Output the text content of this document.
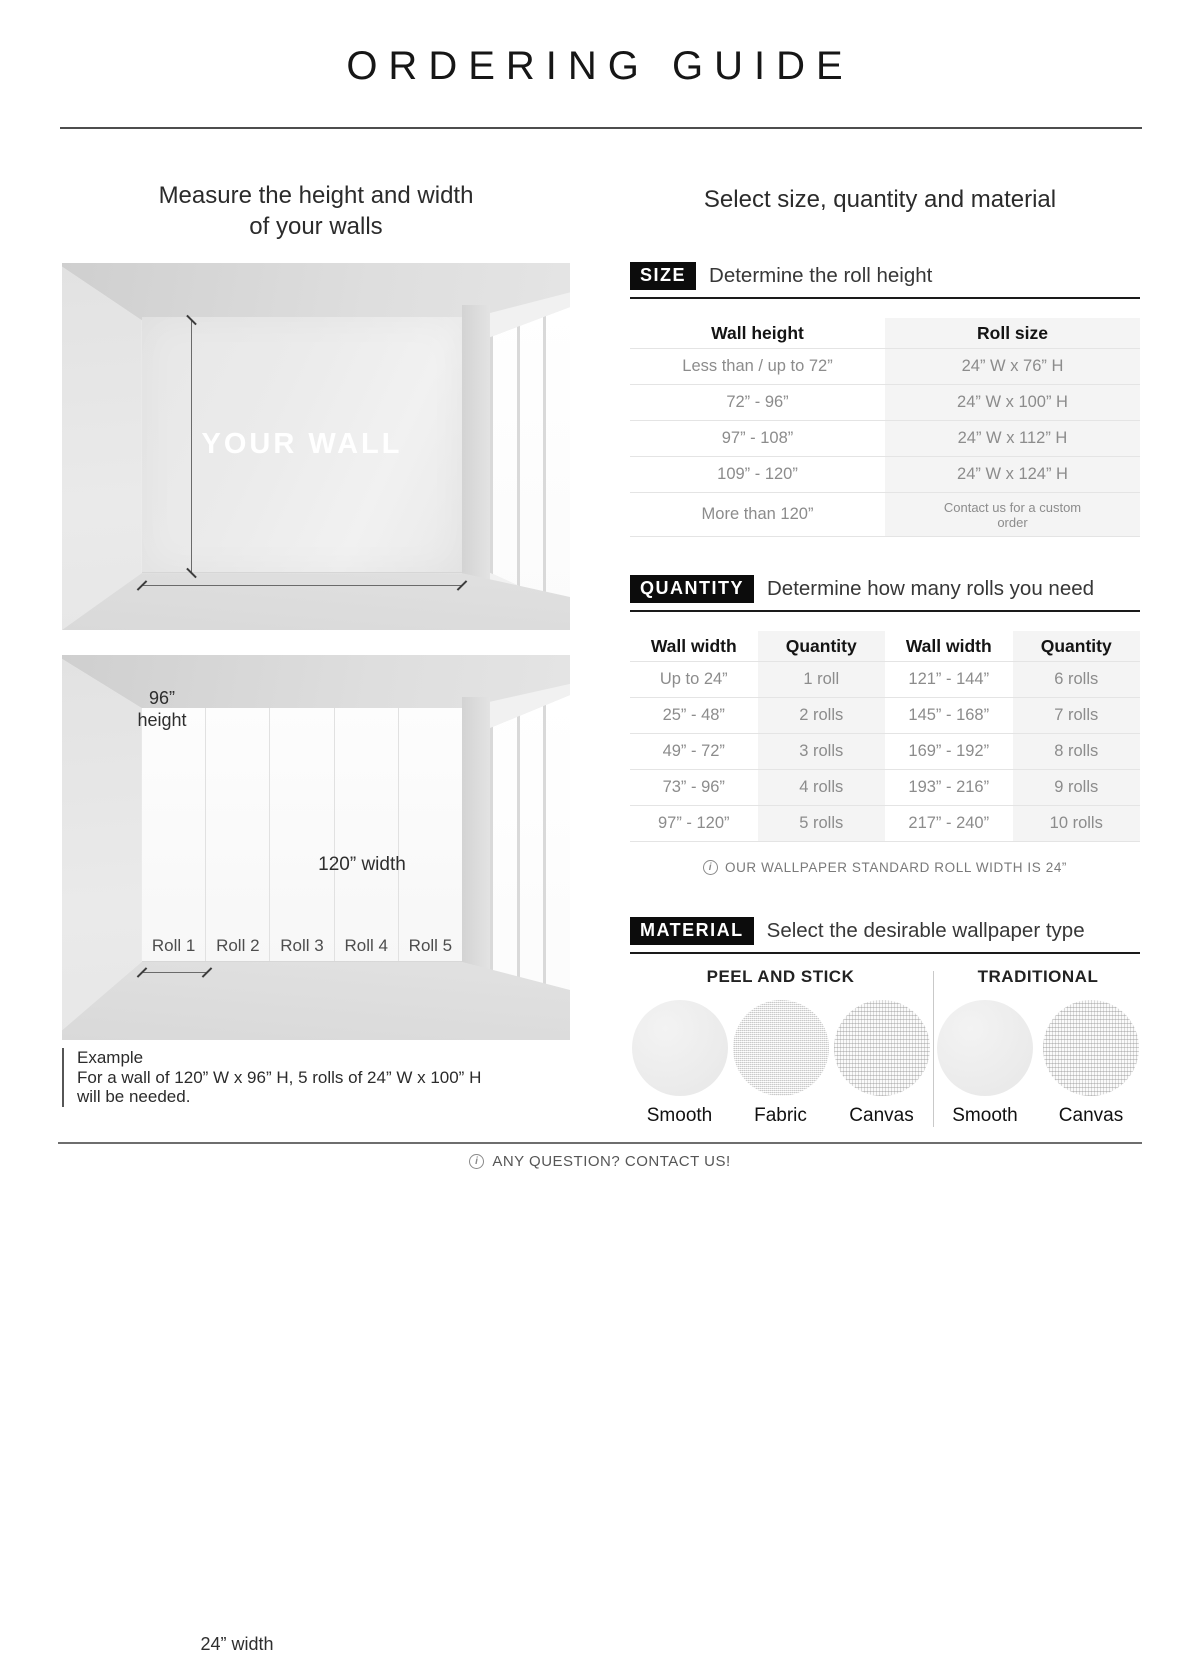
ORDERING GUIDE
Measure the height and width
of your walls
Select size, quantity and material
YOUR WALL
96”
height
120” width
Roll 1	Roll 2	Roll 3	Roll 4	Roll 5
24” width
Example
For a wall of 120” W x 96” H, 5 rolls of 24” W x 100” H
will be needed.
SIZE	Determine the roll height
Wall height	Roll size
Less than / up to 72”	24” W x 76” H
72” - 96”	24” W x 100” H
97” - 108”	24” W x 112” H
109” - 120”	24” W x 124” H
More than 120”	Contact us for a custom order
QUANTITY	Determine how many rolls you need
Wall width	Quantity	Wall width	Quantity
Up to 24”	1 roll	121” - 144”	6 rolls
25” - 48”	2 rolls	145” - 168”	7 rolls
49” - 72”	3 rolls	169” - 192”	8 rolls
73” - 96”	4 rolls	193” - 216”	9 rolls
97” - 120”	5 rolls	217” - 240”	10 rolls
i OUR WALLPAPER STANDARD ROLL WIDTH IS 24”
MATERIAL	Select the desirable wallpaper type
PEEL AND STICK
Smooth	Fabric	Canvas
TRADITIONAL
Smooth	Canvas
i ANY QUESTION? CONTACT US!
